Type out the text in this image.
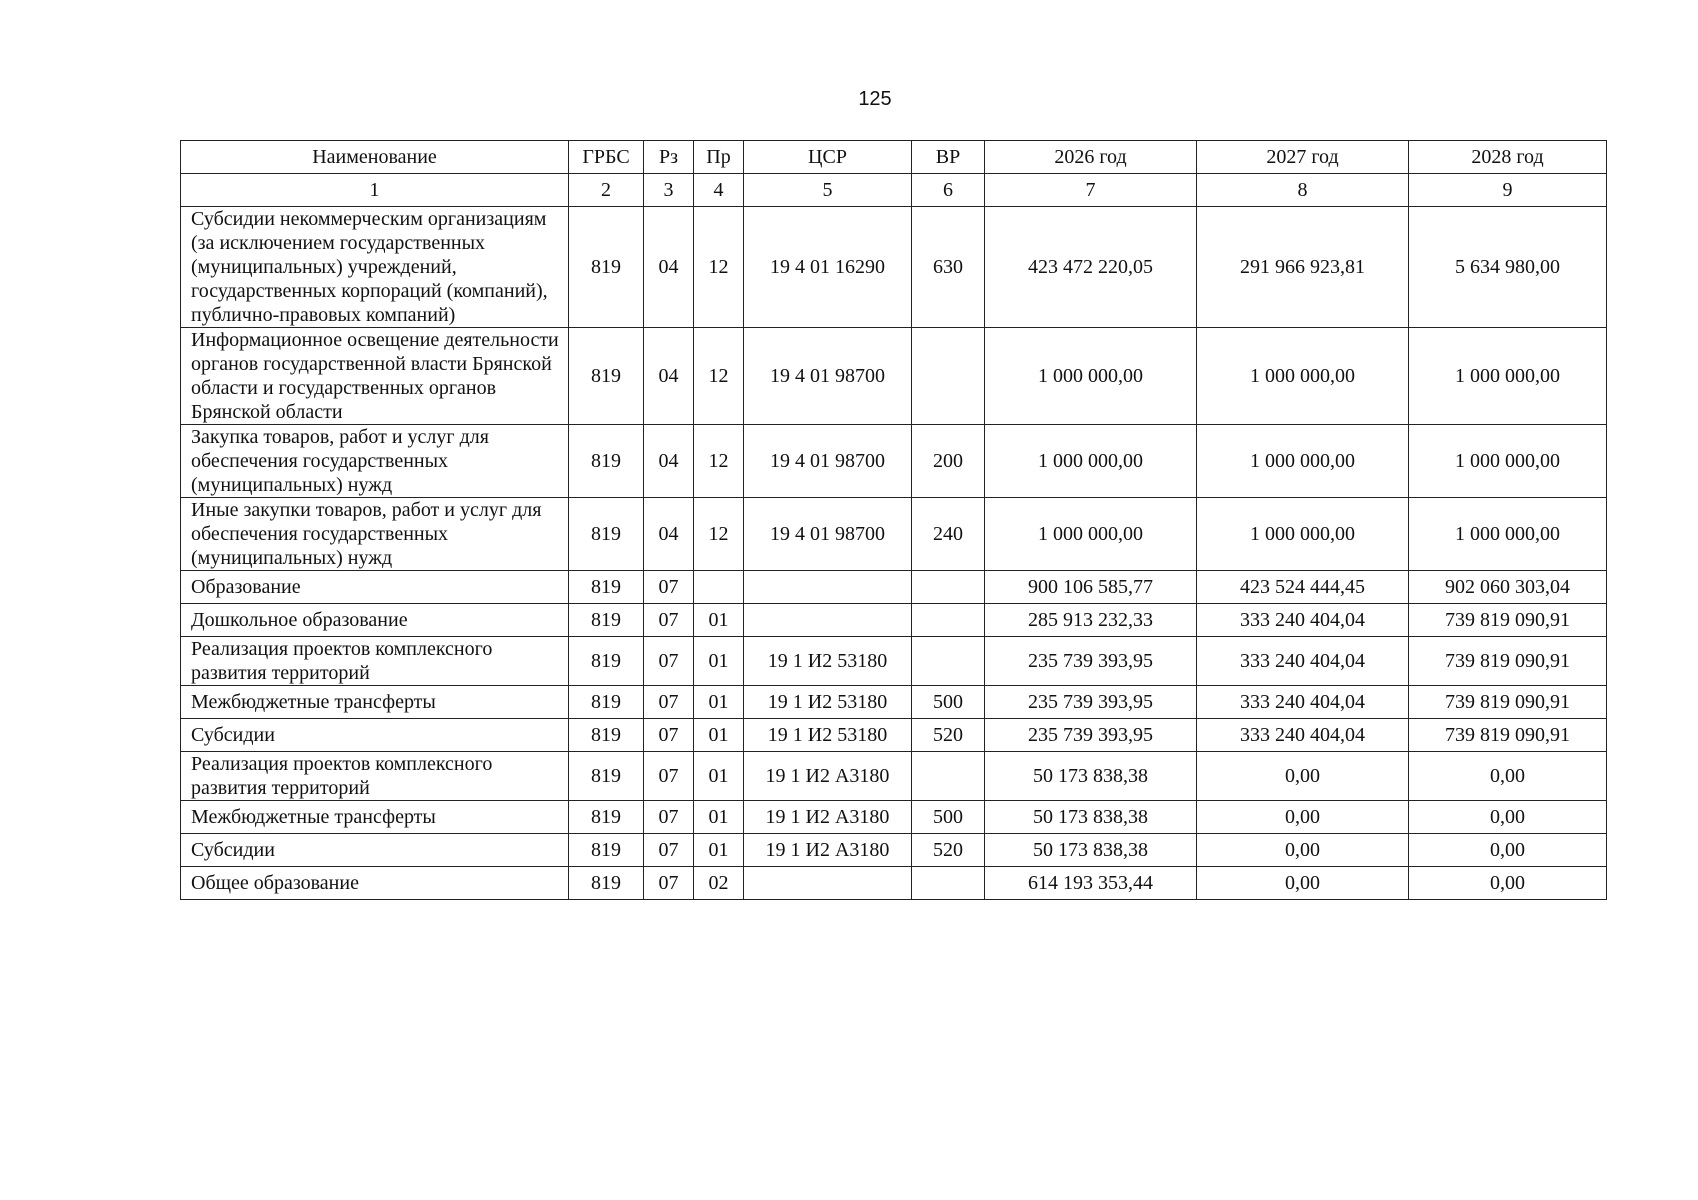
125
Наименование	ГРБС	Рз	Пр	ЦСР	ВР	2026 год	2027 год	2028 год
1	2	3	4	5	6	7	8	9
Субсидии некоммерческим организациям (за исключением государственных (муниципальных) учреждений, государственных корпораций (компаний), публично-правовых компаний)	819	04	12	19 4 01 16290	630	423 472 220,05	291 966 923,81	5 634 980,00
Информационное освещение деятельности органов государственной власти Брянской области и государственных органов Брянской области	819	04	12	19 4 01 98700		1 000 000,00	1 000 000,00	1 000 000,00
Закупка товаров, работ и услуг для обеспечения государственных (муниципальных) нужд	819	04	12	19 4 01 98700	200	1 000 000,00	1 000 000,00	1 000 000,00
Иные закупки товаров, работ и услуг для обеспечения государственных (муниципальных) нужд	819	04	12	19 4 01 98700	240	1 000 000,00	1 000 000,00	1 000 000,00
Образование	819	07				900 106 585,77	423 524 444,45	902 060 303,04
Дошкольное образование	819	07	01			285 913 232,33	333 240 404,04	739 819 090,91
Реализация проектов комплексного развития территорий	819	07	01	19 1 И2 53180		235 739 393,95	333 240 404,04	739 819 090,91
Межбюджетные трансферты	819	07	01	19 1 И2 53180	500	235 739 393,95	333 240 404,04	739 819 090,91
Субсидии	819	07	01	19 1 И2 53180	520	235 739 393,95	333 240 404,04	739 819 090,91
Реализация проектов комплексного развития территорий	819	07	01	19 1 И2 А3180		50 173 838,38	0,00	0,00
Межбюджетные трансферты	819	07	01	19 1 И2 А3180	500	50 173 838,38	0,00	0,00
Субсидии	819	07	01	19 1 И2 А3180	520	50 173 838,38	0,00	0,00
Общее образование	819	07	02			614 193 353,44	0,00	0,00
